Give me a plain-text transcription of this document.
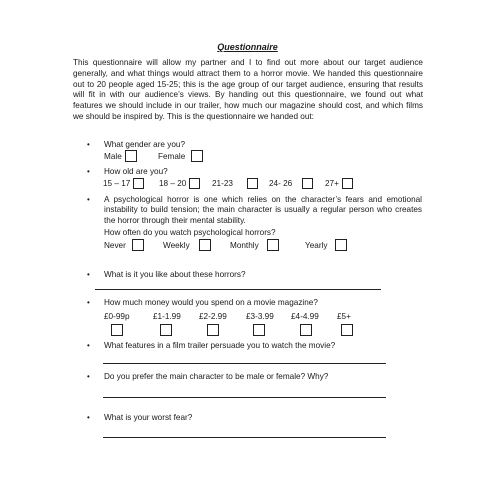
Questionnaire
This questionnaire will allow my partner and I to find out more about our target audience generally, and what things would attract them to a horror movie. We handed this questionnaire out to 20 people aged 15-25; this is the age group of our target audience, ensuring that results will fit in with our audience’s views. By handing out this questionnaire, we found out what features we should include in our trailer, how much our magazine should cost, and which films we should be inspired by. This is the questionnaire we handed out:
• What gender are you?
Male	Female
• How old are you?
15 – 17	18 – 20	21-23	24- 26	27+
• A psychological horror is one which relies on the character’s fears and emotional instability to build tension; the main character is usually a regular person who creates the horror through their mental stability.
How often do you watch psychological horrors?
Never	Weekly	Monthly	Yearly
• What is it you like about these horrors?
• How much money would you spend on a movie magazine?
£0-99p	£1-1.99 £2-2.99 £3-3.99 £4-4.99 £5+
• What features in a film trailer persuade you to watch the movie?
• Do you prefer the main character to be male or female? Why?
• What is your worst fear?
